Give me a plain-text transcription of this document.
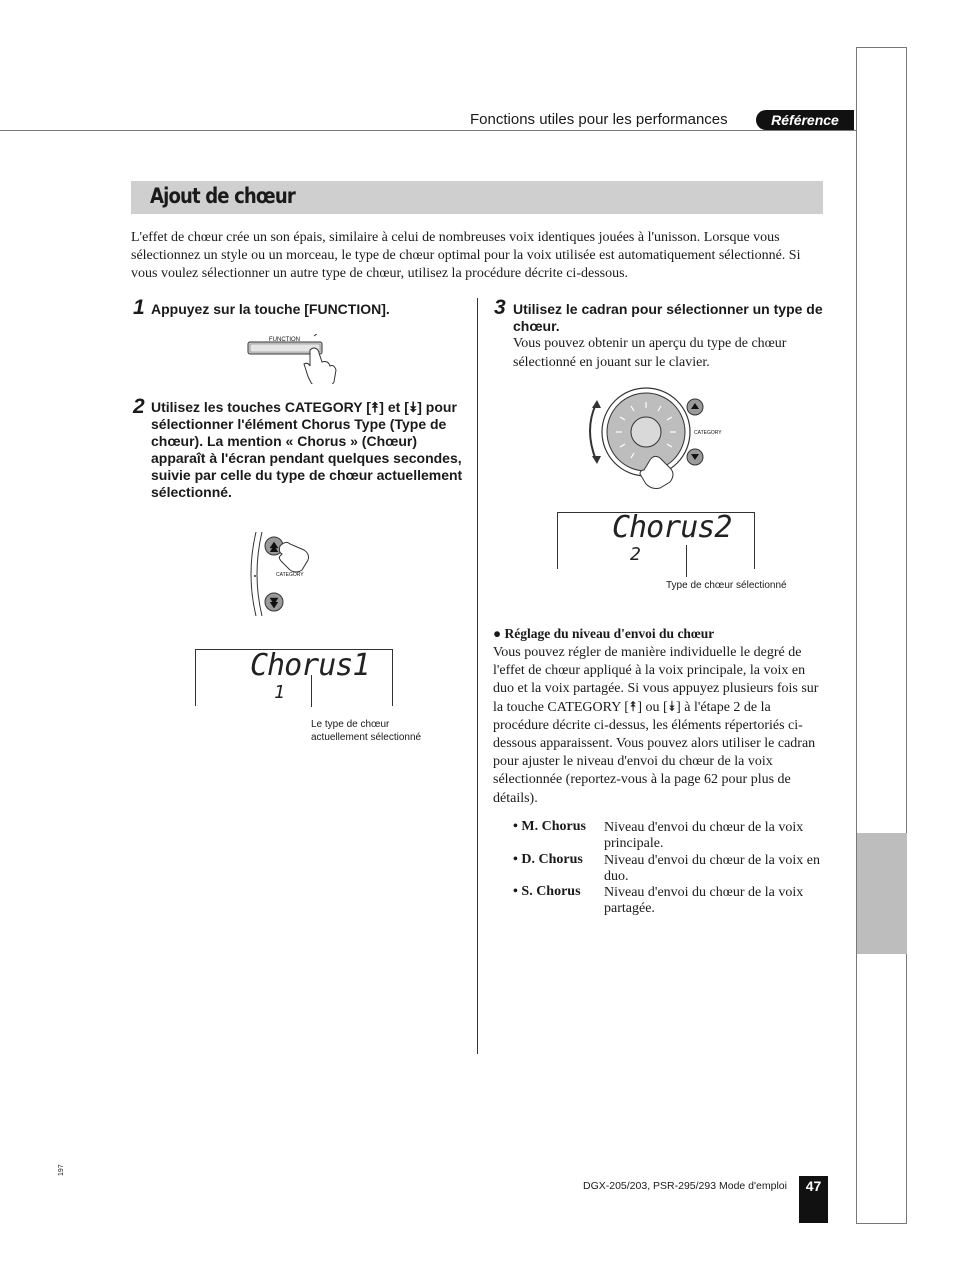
Fonctions utiles pour les performances	Référence
Ajout de chœur
L'effet de chœur crée un son épais, similaire à celui de nombreuses voix identiques jouées à l'unisson. Lorsque vous sélectionnez un style ou un morceau, le type de chœur optimal pour la voix utilisée est automatiquement sélectionné. Si vous voulez sélectionner un autre type de chœur, utilisez la procédure décrite ci-dessous.
1 Appuyez sur la touche [FUNCTION].
FUNCTION
2 Utilisez les touches CATEGORY [⯭] et [⯯] pour sélectionner l'élément Chorus Type (Type de chœur). La mention « Chorus » (Chœur) apparaît à l'écran pendant quelques secondes, suivie par celle du type de chœur actuellement sélectionné.
CATEGORY
Chorus1
1
Le type de chœur
actuellement sélectionné
3 Utilisez le cadran pour sélectionner un type de chœur.
Vous pouvez obtenir un aperçu du type de chœur sélectionné en jouant sur le clavier.
CATEGORY
Chorus2
2
Type de chœur sélectionné
● Réglage du niveau d'envoi du chœur
Vous pouvez régler de manière individuelle le degré de l'effet de chœur appliqué à la voix principale, la voix en duo et la voix partagée. Si vous appuyez plusieurs fois sur la touche CATEGORY [⯭] ou [⯯] à l'étape 2 de la procédure décrite ci-dessus, les éléments répertoriés ci-dessous apparaissent. Vous pouvez alors utiliser le cadran pour ajuster le niveau d'envoi du chœur de la voix sélectionnée (reportez-vous à la page 62 pour plus de détails).
• M. Chorus Niveau d'envoi du chœur de la voix principale.
• D. Chorus Niveau d'envoi du chœur de la voix en duo.
• S. Chorus Niveau d'envoi du chœur de la voix partagée.
197
DGX-205/203, PSR-295/293 Mode d'emploi	47
